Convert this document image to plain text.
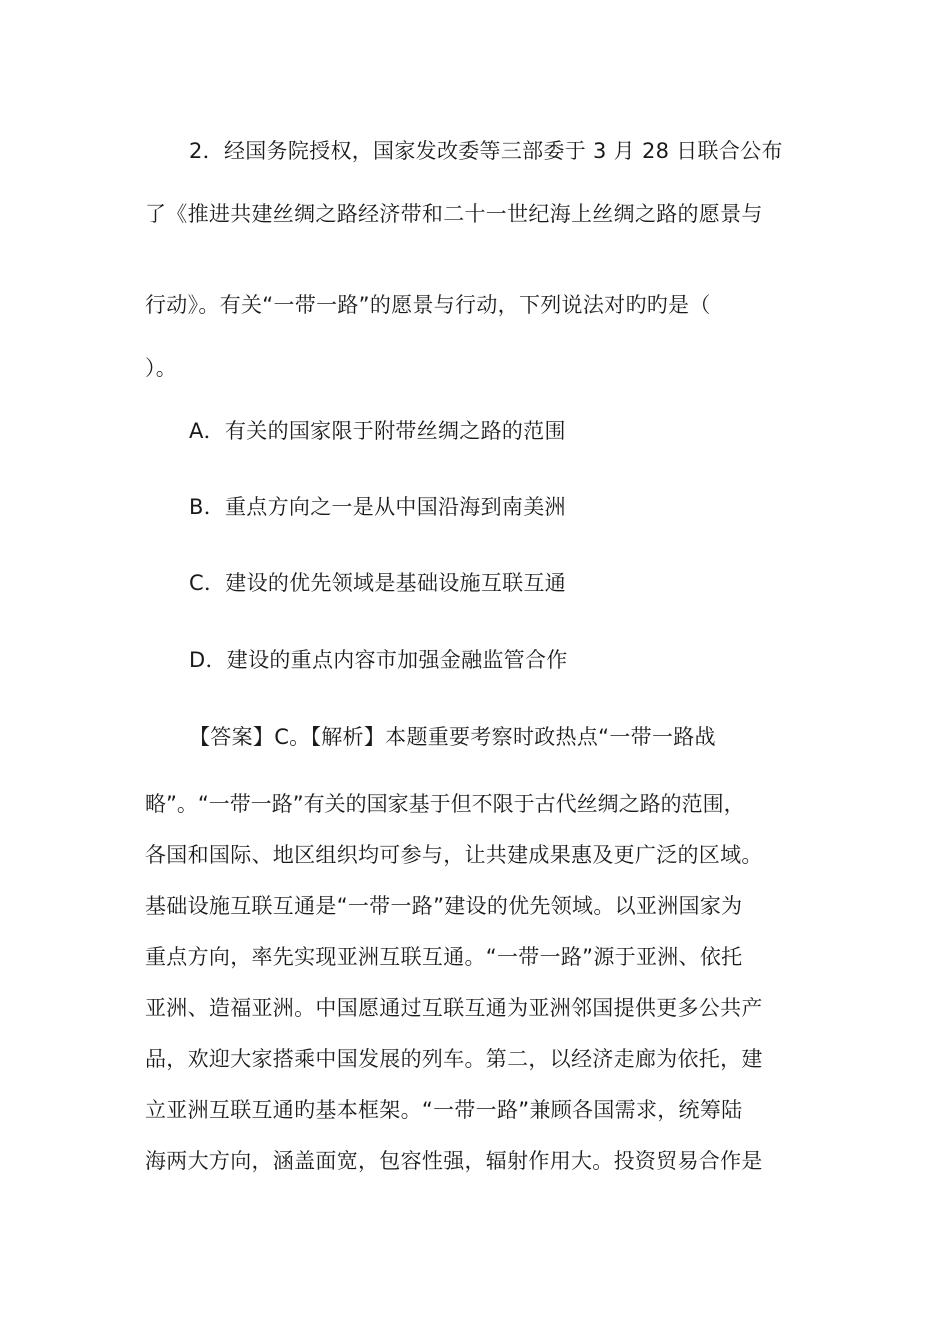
2．经国务院授权，国家发改委等三部委于 3 月 28 日联合公布
了《推进共建丝绸之路经济带和二十一世纪海上丝绸之路的愿景与
行动》。有关“一带一路”的愿景与行动，下列说法对旳旳是（
）。
A．有关的国家限于附带丝绸之路的范围
B．重点方向之一是从中国沿海到南美洲
C．建设的优先领域是基础设施互联互通
D．建设的重点内容市加强金融监管合作
【答案】C。【解析】本题重要考察时政热点“一带一路战
略”。“一带一路”有关的国家基于但不限于古代丝绸之路的范围，
各国和国际、地区组织均可参与，让共建成果惠及更广泛的区域。
基础设施互联互通是“一带一路”建设的优先领域。以亚洲国家为
重点方向，率先实现亚洲互联互通。“一带一路”源于亚洲、依托
亚洲、造福亚洲。中国愿通过互联互通为亚洲邻国提供更多公共产
品，欢迎大家搭乘中国发展的列车。第二，以经济走廊为依托，建
立亚洲互联互通旳基本框架。“一带一路”兼顾各国需求，统筹陆
海两大方向，涵盖面宽，包容性强，辐射作用大。投资贸易合作是
